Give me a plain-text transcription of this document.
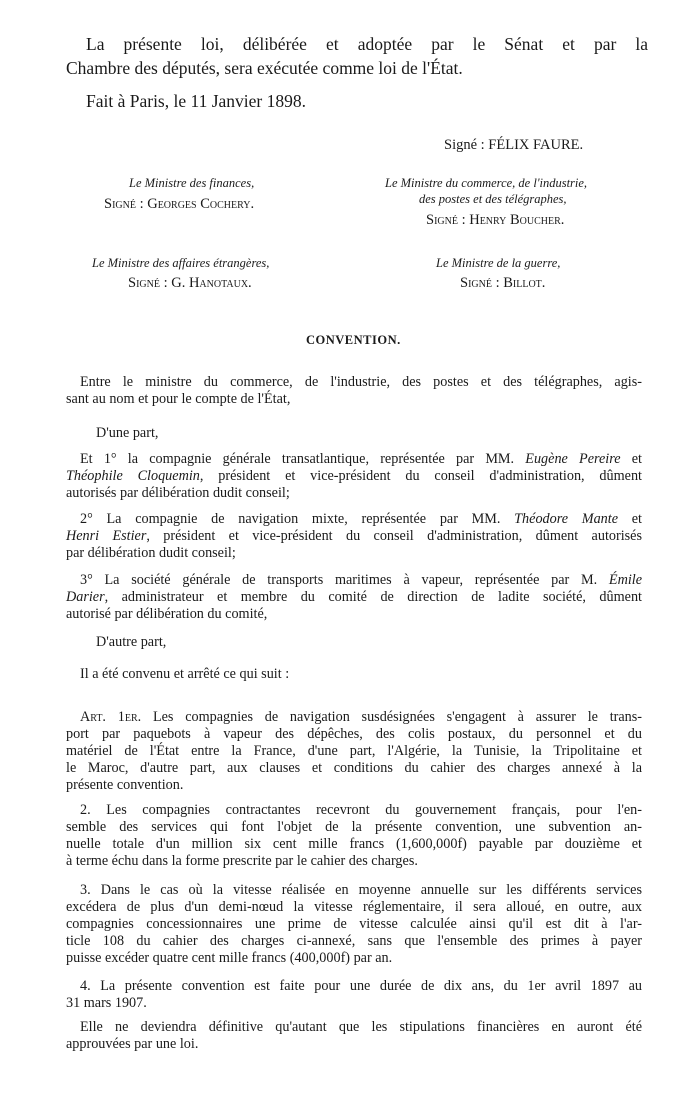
La présente loi, délibérée et adoptée par le Sénat et par la
Chambre des députés, sera exécutée comme loi de l'État.
Fait à Paris, le 11 Janvier 1898.
Signé : FÉLIX FAURE.
Le Ministre des finances,
Signé : Georges Cochery.
Le Ministre du commerce, de l'industrie,
des postes et des télégraphes,
Signé : Henry Boucher.
Le Ministre des affaires étrangères,
Signé : G. Hanotaux.
Le Ministre de la guerre,
Signé : Billot.
CONVENTION.
Entre le ministre du commerce, de l'industrie, des postes et des télégraphes, agis-
sant au nom et pour le compte de l'État,
D'une part,
Et 1° la compagnie générale transatlantique, représentée par MM. Eugène Pereire et
Théophile Cloquemin, président et vice-président du conseil d'administration, dûment
autorisés par délibération dudit conseil;
2° La compagnie de navigation mixte, représentée par MM. Théodore Mante et
Henri Estier, président et vice-président du conseil d'administration, dûment autorisés
par délibération dudit conseil;
3° La société générale de transports maritimes à vapeur, représentée par M. Émile
Darier, administrateur et membre du comité de direction de ladite société, dûment
autorisé par délibération du comité,
D'autre part,
Il a été convenu et arrêté ce qui suit :
Art. 1er. Les compagnies de navigation susdésignées s'engagent à assurer le trans-
port par paquebots à vapeur des dépêches, des colis postaux, du personnel et du
matériel de l'État entre la France, d'une part, l'Algérie, la Tunisie, la Tripolitaine et
le Maroc, d'autre part, aux clauses et conditions du cahier des charges annexé à la
présente convention.
2. Les compagnies contractantes recevront du gouvernement français, pour l'en-
semble des services qui font l'objet de la présente convention, une subvention an-
nuelle totale d'un million six cent mille francs (1,600,000f) payable par douzième et
à terme échu dans la forme prescrite par le cahier des charges.
3. Dans le cas où la vitesse réalisée en moyenne annuelle sur les différents services
excédera de plus d'un demi-nœud la vitesse réglementaire, il sera alloué, en outre, aux
compagnies concessionnaires une prime de vitesse calculée ainsi qu'il est dit à l'ar-
ticle 108 du cahier des charges ci-annexé, sans que l'ensemble des primes à payer
puisse excéder quatre cent mille francs (400,000f) par an.
4. La présente convention est faite pour une durée de dix ans, du 1er avril 1897 au
31 mars 1907.
Elle ne deviendra définitive qu'autant que les stipulations financières en auront été
approuvées par une loi.
